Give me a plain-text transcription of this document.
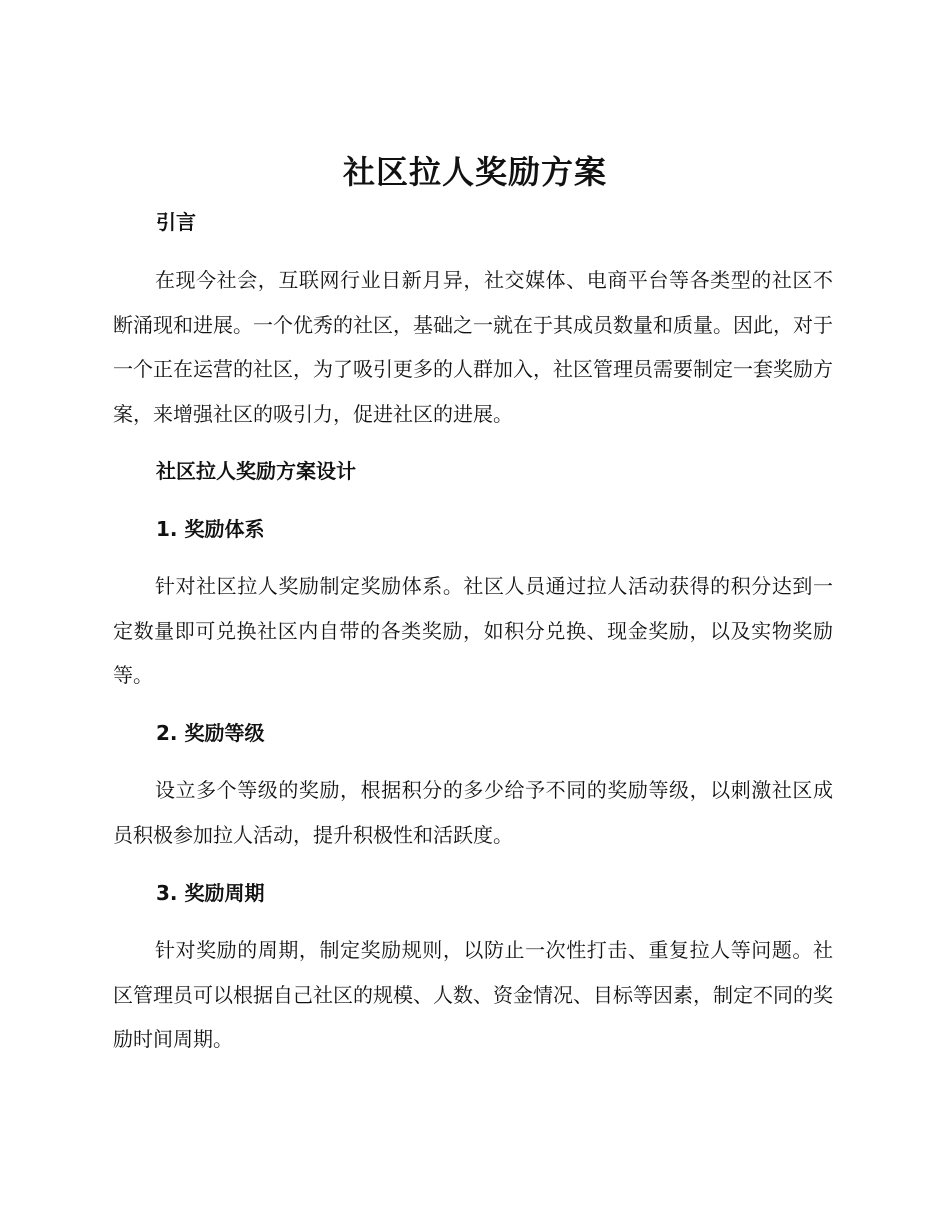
社区拉人奖励方案
引言

在现今社会，互联网行业日新月异，社交媒体、电商平台等各类型的社区不断涌现和进展。一个优秀的社区，基础之一就在于其成员数量和质量。因此，对于一个正在运营的社区，为了吸引更多的人群加入，社区管理员需要制定一套奖励方案，来增强社区的吸引力，促进社区的进展。

社区拉人奖励方案设计
1. 奖励体系

针对社区拉人奖励制定奖励体系。社区人员通过拉人活动获得的积分达到一定数量即可兑换社区内自带的各类奖励，如积分兑换、现金奖励，以及实物奖励等。

2. 奖励等级

设立多个等级的奖励，根据积分的多少给予不同的奖励等级，以刺激社区成员积极参加拉人活动，提升积极性和活跃度。

3. 奖励周期

针对奖励的周期，制定奖励规则，以防止一次性打击、重复拉人等问题。社区管理员可以根据自己社区的规模、人数、资金情况、目标等因素，制定不同的奖励时间周期。
